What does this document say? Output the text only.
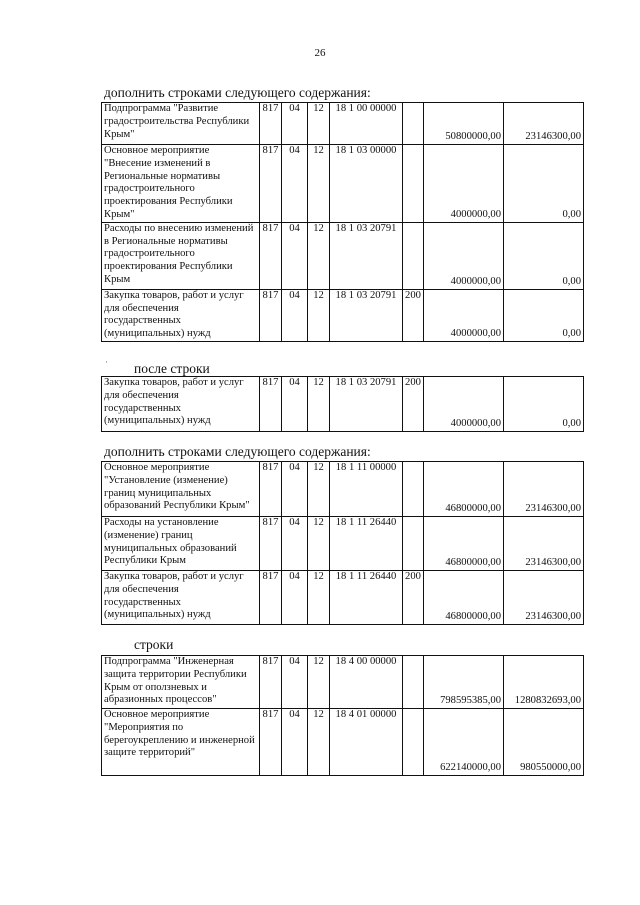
26
дополнить строками следующего содержания:
Подпрограмма "Развитие градостроительства Республики Крым"	817	04	12	18 1 00 00000		50800000,00	23146300,00
Основное мероприятие "Внесение изменений в Региональные нормативы градостроительного проектирования Республики Крым"	817	04	12	18 1 03 00000		4000000,00	0,00
Расходы по внесению изменений в Региональные нормативы градостроительного проектирования Республики Крым	817	04	12	18 1 03 20791		4000000,00	0,00
Закупка товаров, работ и услуг для обеспечения государственных (муниципальных) нужд	817	04	12	18 1 03 20791	200	4000000,00	0,00
· после строки
Закупка товаров, работ и услуг для обеспечения государственных (муниципальных) нужд	817	04	12	18 1 03 20791	200	4000000,00	0,00
дополнить строками следующего содержания:
Основное мероприятие "Установление (изменение) границ муниципальных образований Республики Крым"	817	04	12	18 1 11 00000		46800000,00	23146300,00
Расходы на установление (изменение) границ муниципальных образований Республики Крым	817	04	12	18 1 11 26440		46800000,00	23146300,00
Закупка товаров, работ и услуг для обеспечения государственных (муниципальных) нужд	817	04	12	18 1 11 26440	200	46800000,00	23146300,00
строки
Подпрограмма "Инженерная защита территории Республики Крым от оползневых и абразионных процессов"	817	04	12	18 4 00 00000		798595385,00	1280832693,00
Основное мероприятие "Мероприятия по берегоукреплению и инженерной защите территорий"	817	04	12	18 4 01 00000		622140000,00	980550000,00
